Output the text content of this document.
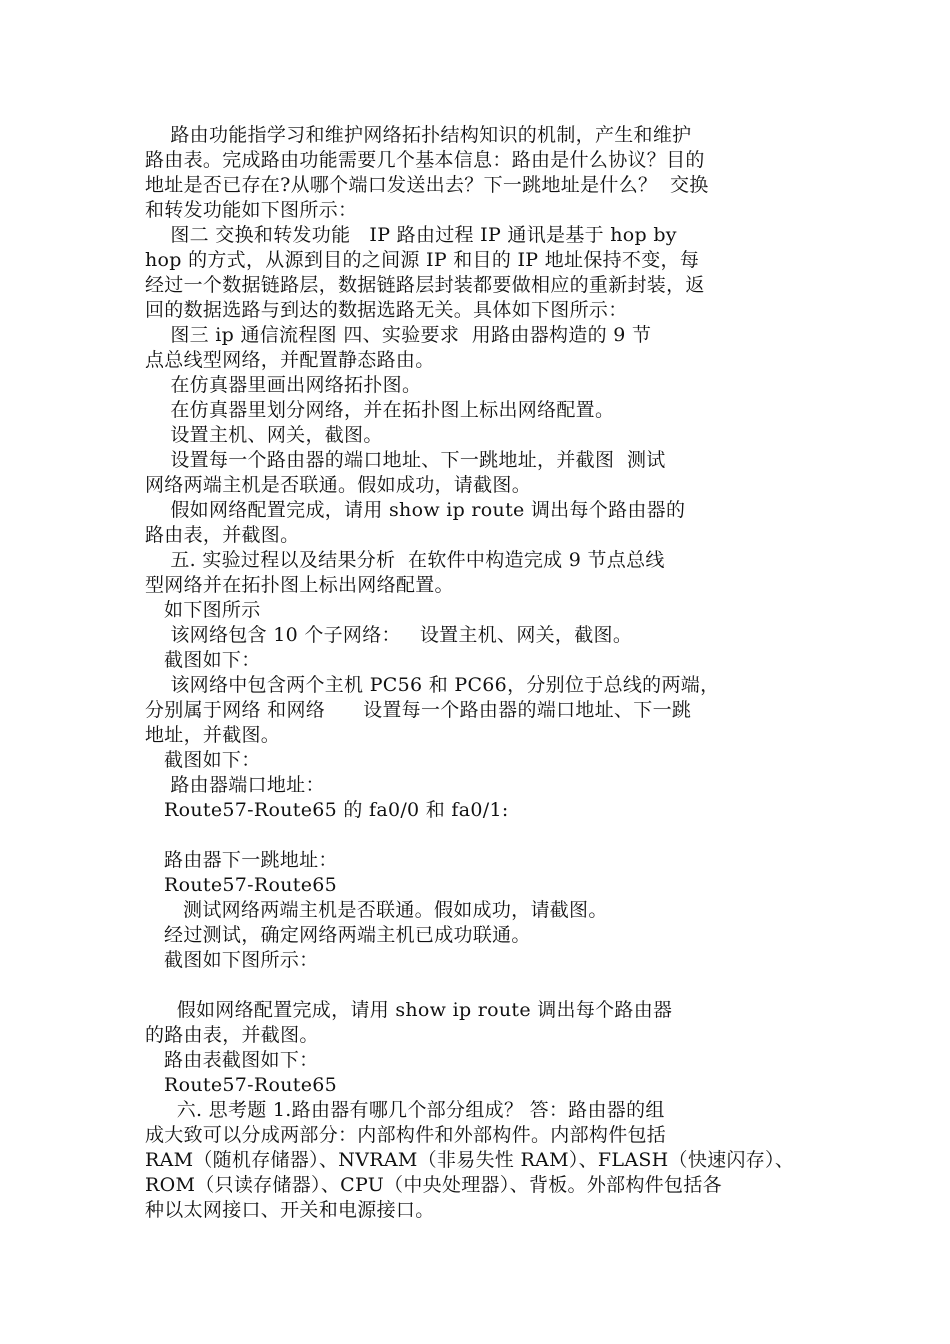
路由功能指学习和维护网络拓扑结构知识的机制，产生和维护
路由表。完成路由功能需要几个基本信息：路由是什么协议？目的
地址是否已存在?从哪个端口发送出去？下一跳地址是什么？  交换
和转发功能如下图所示：
图二 交换和转发功能   IP 路由过程 IP 通讯是基于 hop by
hop 的方式，从源到目的之间源 IP 和目的 IP 地址保持不变，每
经过一个数据链路层，数据链路层封装都要做相应的重新封装，返
回的数据选路与到达的数据选路无关。具体如下图所示：
图三 ip 通信流程图 四、实验要求  用路由器构造的 9 节
点总线型网络，并配置静态路由。
在仿真器里画出网络拓扑图。
在仿真器里划分网络，并在拓扑图上标出网络配置。
设置主机、网关，截图。
设置每一个路由器的端口地址、下一跳地址，并截图  测试
网络两端主机是否联通。假如成功，请截图。
假如网络配置完成，请用 show ip route 调出每个路由器的
路由表，并截图。
五. 实验过程以及结果分析  在软件中构造完成 9 节点总线
型网络并在拓扑图上标出网络配置。
如下图所示
该网络包含 10 个子网络：   设置主机、网关，截图。
截图如下：
该网络中包含两个主机 PC56 和 PC66，分别位于总线的两端，
分别属于网络 和网络      设置每一个路由器的端口地址、下一跳
地址，并截图。
截图如下：
路由器端口地址：
Route57-Route65 的 fa0/0 和 fa0/1:
路由器下一跳地址：
Route57-Route65
测试网络两端主机是否联通。假如成功，请截图。
经过测试，确定网络两端主机已成功联通。
截图如下图所示：
假如网络配置完成，请用 show ip route 调出每个路由器
的路由表，并截图。
路由表截图如下：
Route57-Route65
六. 思考题 1.路由器有哪几个部分组成？ 答：路由器的组
成大致可以分成两部分：内部构件和外部构件。内部构件包括
RAM（随机存储器）、NVRAM（非易失性 RAM）、FLASH（快速闪存）、
ROM（只读存储器）、CPU（中央处理器）、背板。外部构件包括各
种以太网接口、开关和电源接口。
